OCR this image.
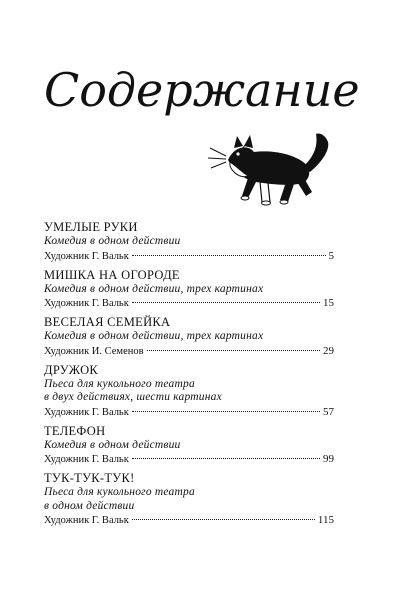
Содержание
УМЕЛЫЕ РУКИ
Комедия в одном действии
Художник Г. Вальк	5
МИШКА НА ОГОРОДЕ
Комедия в одном действии, трех картинах
Художник Г. Вальк	15
ВЕСЕЛАЯ СЕМЕЙКА
Комедия в одном действии, трех картинах
Художник И. Семенов	29
ДРУЖОК
Пьеса для кукольного театра
в двух действиях, шести картинах
Художник Г. Вальк	57
ТЕЛЕФОН
Комедия в одном действии
Художник Г. Вальк	99
ТУК-ТУК-ТУК!
Пьеса для кукольного театра
в одном действии
Художник Г. Вальк	115
